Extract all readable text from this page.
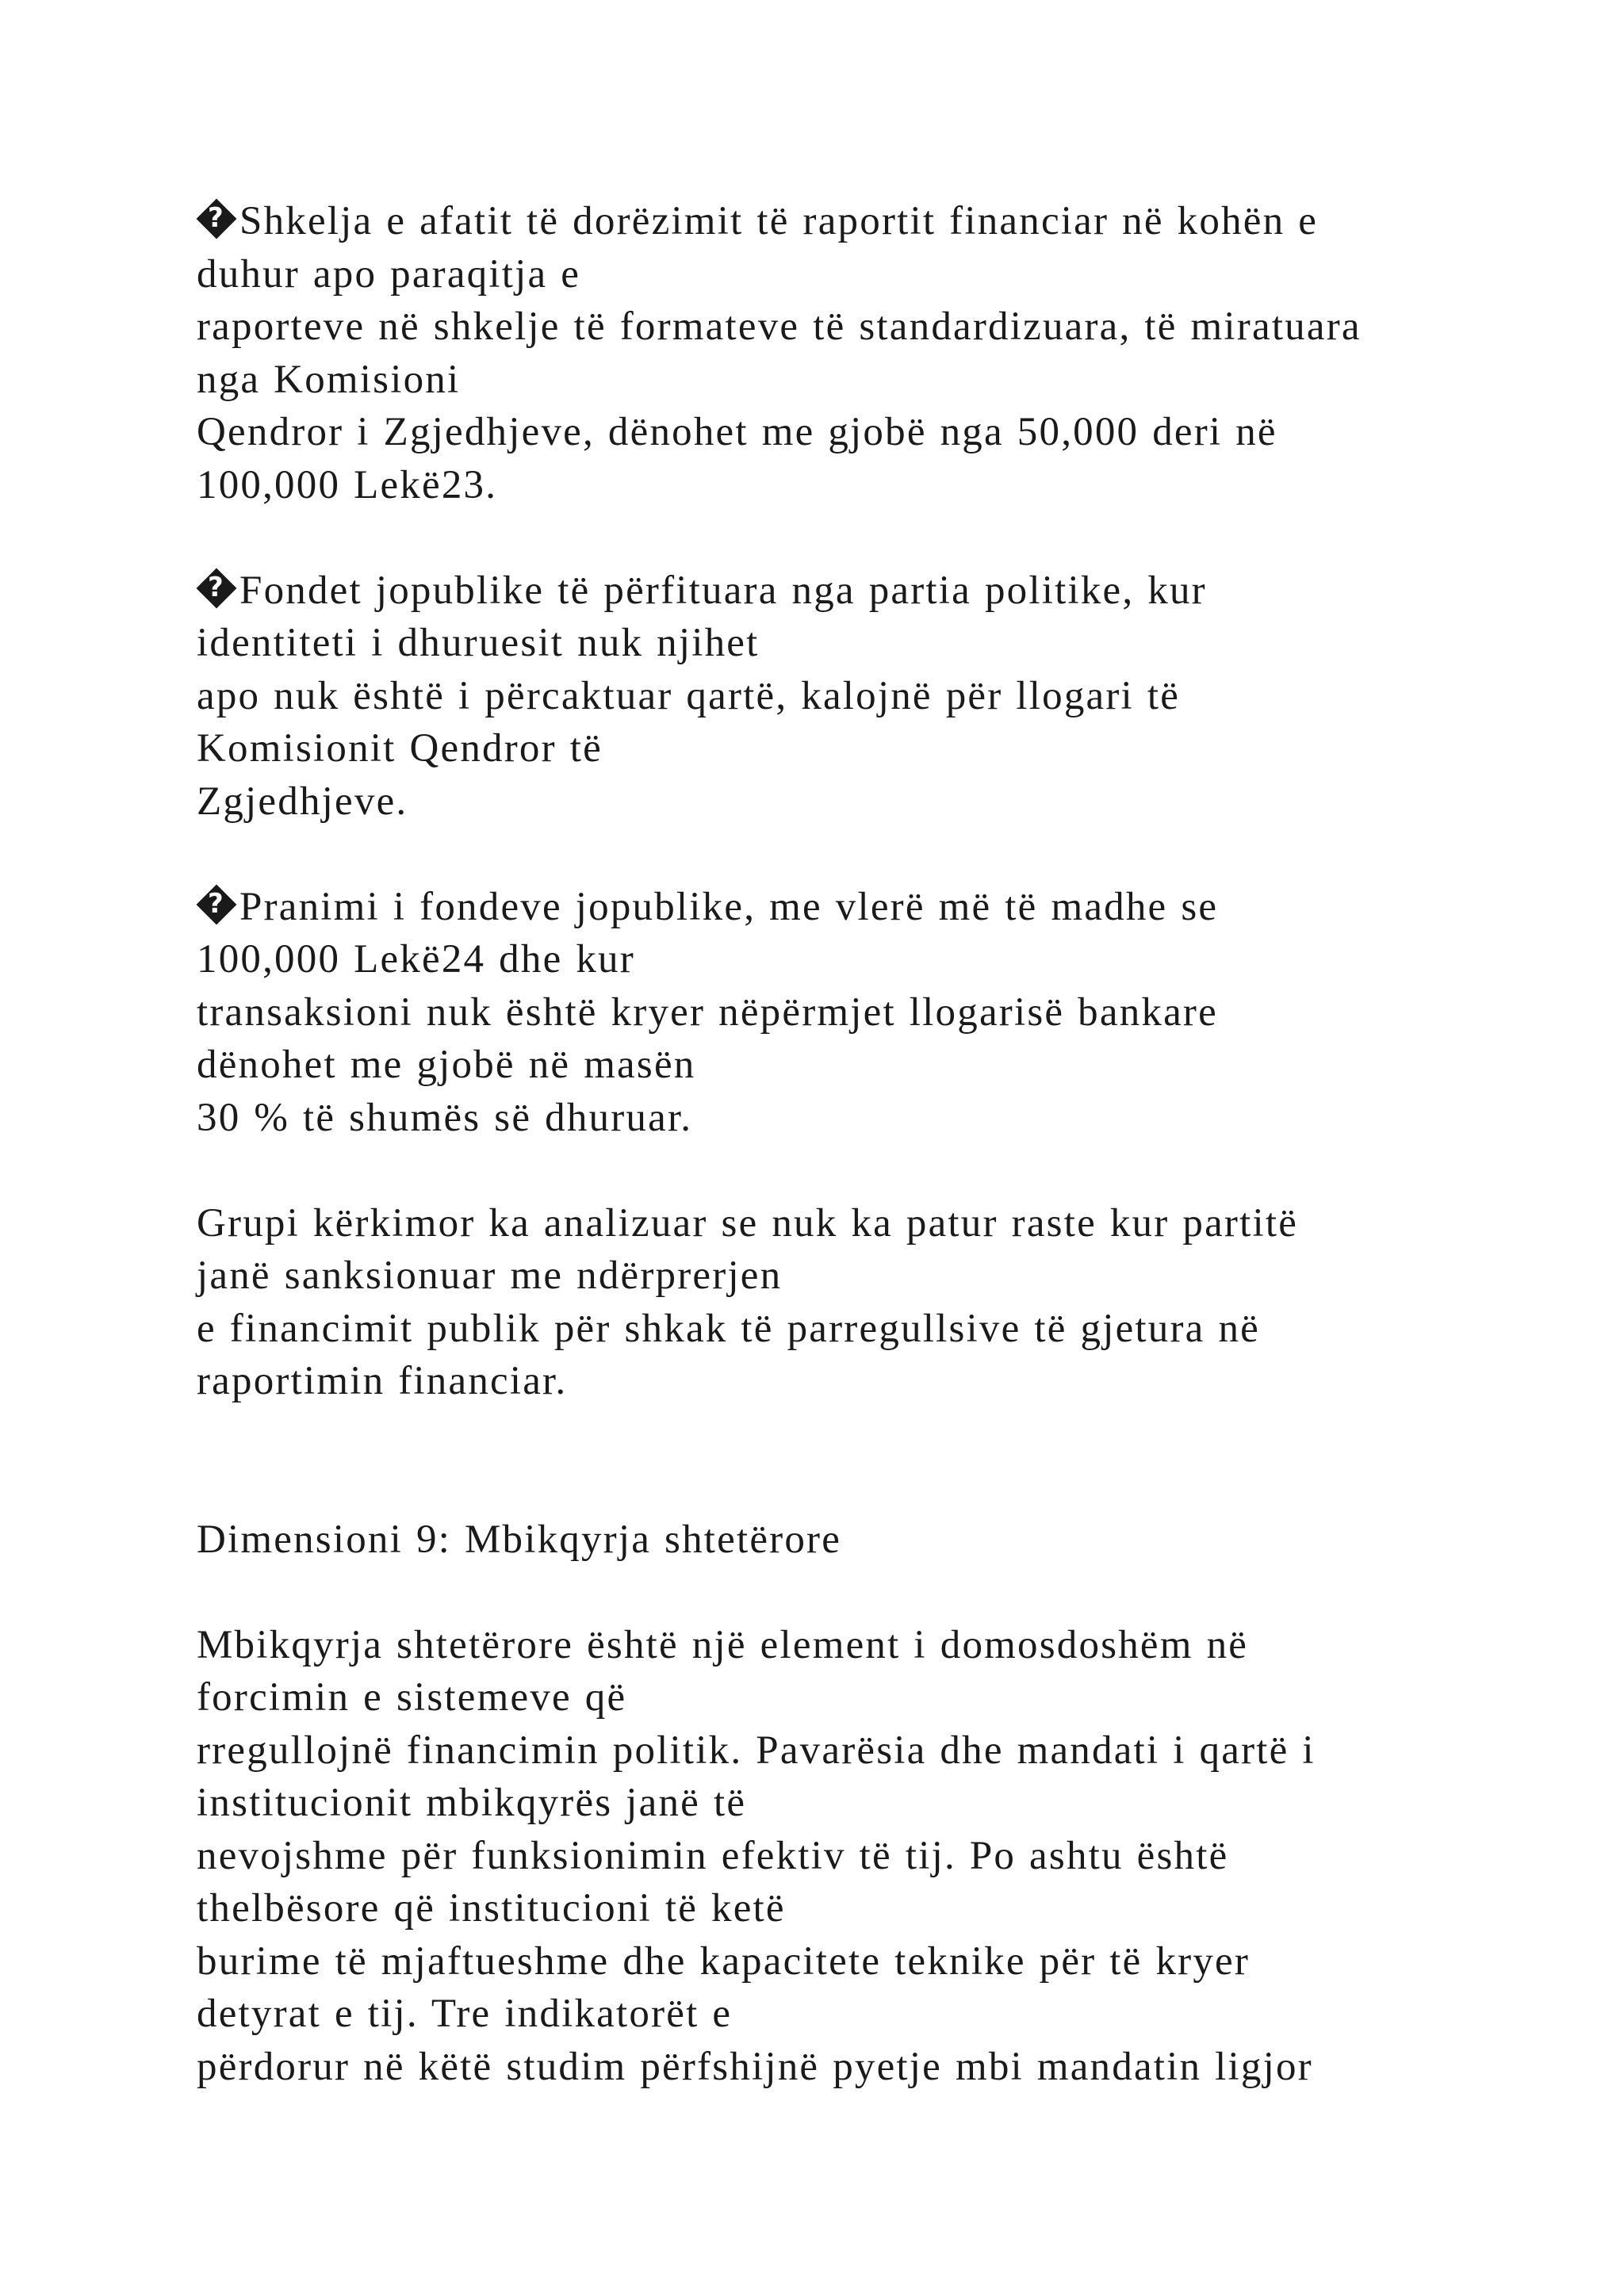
? Shkelja e afatit të dorëzimit të raportit financiar në kohën e
duhur apo paraqitja e
raporteve në shkelje të formateve të standardizuara, të miratuara
nga Komisioni
Qendror i Zgjedhjeve, dënohet me gjobë nga 50,000 deri në
100,000 Lekë23.
? Fondet jopublike të përfituara nga partia politike, kur
identiteti i dhuruesit nuk njihet
apo nuk është i përcaktuar qartë, kalojnë për llogari të
Komisionit Qendror të
Zgjedhjeve.
? Pranimi i fondeve jopublike, me vlerë më të madhe se
100,000 Lekë24 dhe kur
transaksioni nuk është kryer nëpërmjet llogarisë bankare
dënohet me gjobë në masën
30 % të shumës së dhuruar.
Grupi kërkimor ka analizuar se nuk ka patur raste kur partitë
janë sanksionuar me ndërprerjen
e financimit publik për shkak të parregullsive të gjetura në
raportimin financiar.
Dimensioni 9: Mbikqyrja shtetërore
Mbikqyrja shtetërore është një element i domosdoshëm në
forcimin e sistemeve që
rregullojnë financimin politik. Pavarësia dhe mandati i qartë i
institucionit mbikqyrës janë të
nevojshme për funksionimin efektiv të tij. Po ashtu është
thelbësore që institucioni të ketë
burime të mjaftueshme dhe kapacitete teknike për të kryer
detyrat e tij. Tre indikatorët e
përdorur në këtë studim përfshijnë pyetje mbi mandatin ligjor
